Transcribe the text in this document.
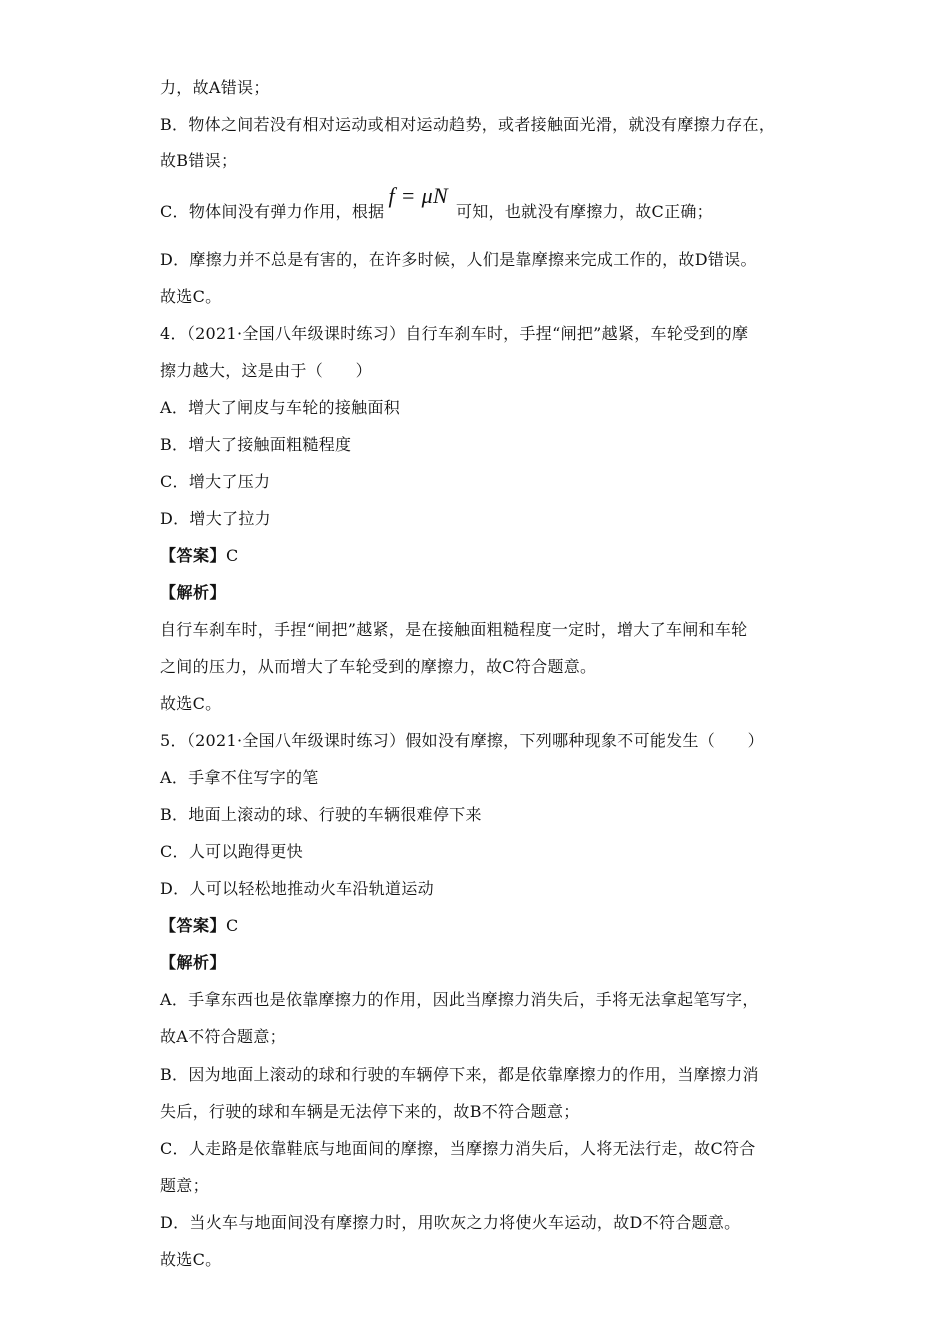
力，故A错误；
B．物体之间若没有相对运动或相对运动趋势，或者接触面光滑，就没有摩擦力存在，
故B错误；
C．物体间没有弹力作用，根据f = μN可知，也就没有摩擦力，故C正确；
D．摩擦力并不总是有害的，在许多时候，人们是靠摩擦来完成工作的，故D错误。
故选C。
4．（2021·全国八年级课时练习）自行车刹车时，手捏“闸把”越紧，车轮受到的摩
擦力越大，这是由于（　　）
A．增大了闸皮与车轮的接触面积
B．增大了接触面粗糙程度
C．增大了压力
D．增大了拉力
【答案】C
【解析】
自行车刹车时，手捏“闸把”越紧，是在接触面粗糙程度一定时，增大了车闸和车轮
之间的压力，从而增大了车轮受到的摩擦力，故C符合题意。
故选C。
5．（2021·全国八年级课时练习）假如没有摩擦，下列哪种现象不可能发生（　　）
A．手拿不住写字的笔
B．地面上滚动的球、行驶的车辆很难停下来
C．人可以跑得更快
D．人可以轻松地推动火车沿轨道运动
【答案】C
【解析】
A．手拿东西也是依靠摩擦力的作用，因此当摩擦力消失后，手将无法拿起笔写字，
故A不符合题意；
B．因为地面上滚动的球和行驶的车辆停下来，都是依靠摩擦力的作用，当摩擦力消
失后，行驶的球和车辆是无法停下来的，故B不符合题意；
C．人走路是依靠鞋底与地面间的摩擦，当摩擦力消失后，人将无法行走，故C符合
题意；
D．当火车与地面间没有摩擦力时，用吹灰之力将使火车运动，故D不符合题意。
故选C。
